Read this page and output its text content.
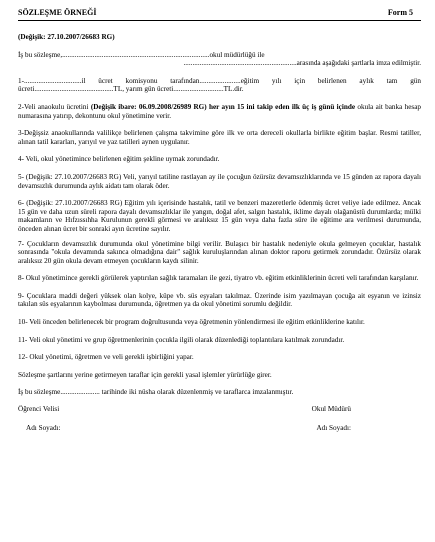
SÖZLEŞME ÖRNEĞİ	Form 5

(Değişik: 27.10.2007/26683 RG)

İş bu sözleşme,..................................................................................okul müdürlüğü ile

...............................................................arasında aşağıdaki şartlarla imza edilmiştir.

1-................................il ücret komisyonu tarafından.......................eğitim yılı için belirlenen aylık tam gün ücreti............................................TL, yarım gün ücreti............................TL.dir.

2-Veli anaokulu ücretini (Değişik ibare: 06.09.2008/26989 RG) her ayın 15 ini takip eden ilk üç iş günü içinde okula ait banka hesap numarasına yatırıp, dekontunu okul yönetimine verir.

3-Değişsiz anaokullarında valilikçe belirlenen çalışma takvimine göre ilk ve orta dereceli okullarla birlikte eğitim başlar. Resmi tatiller, alınan tatil kararları, yarıyıl ve yaz tatilleri aynen uygulanır.

4- Veli, okul yönetimince belirlenen eğitim şekline uymak zorundadır.

5- (Değişik: 27.10.2007/26683 RG) Veli, yarıyıl tatiline rastlayan ay ile çocuğun özürsüz devamsızlıklarında ve 15 günden az rapora dayalı devamsızlık durumunda aylık aidatı tam olarak öder.

6- (Değişik: 27.10.2007/26683 RG) Eğitim yılı içerisinde hastalık, tatil ve benzeri mazeretlerle ödenmiş ücret veliye iade edilmez. Ancak 15 gün ve daha uzun süreli rapora dayalı devamsızlıklar ile yangın, doğal afet, salgın hastalık, iklime dayalı olağanüstü durumlarda; mülki makamların ve Hıfzıssıhha Kurulunun gerekli görmesi ve aralıksız 15 gün veya daha fazla süre ile eğitime ara verilmesi durumunda, önceden alınan ücret bir sonraki ayın ücretine sayılır.

7- Çocukların devamsızlık durumunda okul yönetimine bilgi verilir. Bulaşıcı bir hastalık nedeniyle okula gelmeyen çocuklar, hastalık sonrasında "okula devamında sakınca olmadığına dair" sağlık kuruluşlarından alınan doktor raporu getirmek zorundadır. Özürsüz olarak aralıksız 20 gün okula devam etmeyen çocukların kaydı silinir.

8- Okul yönetimince gerekli görülerek yaptırılan sağlık taramaları ile gezi, tiyatro vb. eğitim etkinliklerinin ücreti veli tarafından karşılanır.

9- Çocuklara maddi değeri yüksek olan kolye, küpe vb. süs eşyaları takılmaz. Üzerinde isim yazılmayan çocuğa ait eşyanın ve izinsiz takılan süs eşyalarının kaybolması durumunda, öğretmen ya da okul yönetimi sorumlu değildir.

10- Veli önceden belirlenecek bir program doğrultusunda veya öğretmenin yönlendirmesi ile eğitim etkinliklerine katılır.

11- Veli okul yönetimi ve grup öğretmenlerinin çocukla ilgili olarak düzenlediği toplantılara katılmak zorundadır.

12- Okul yönetimi, öğretmen ve veli gerekli işbirliğini yapar.

Sözleşme şartlarını yerine getirmeyen taraflar için gerekli yasal işlemler yürürlüğe girer.

İş bu sözleşme...................... tarihinde iki nüsha olarak düzenlenmiş ve taraflarca imzalanmıştır.

Öğrenci Velisi	Okul Müdürü
Adı Soyadı:	Adı Soyadı:
